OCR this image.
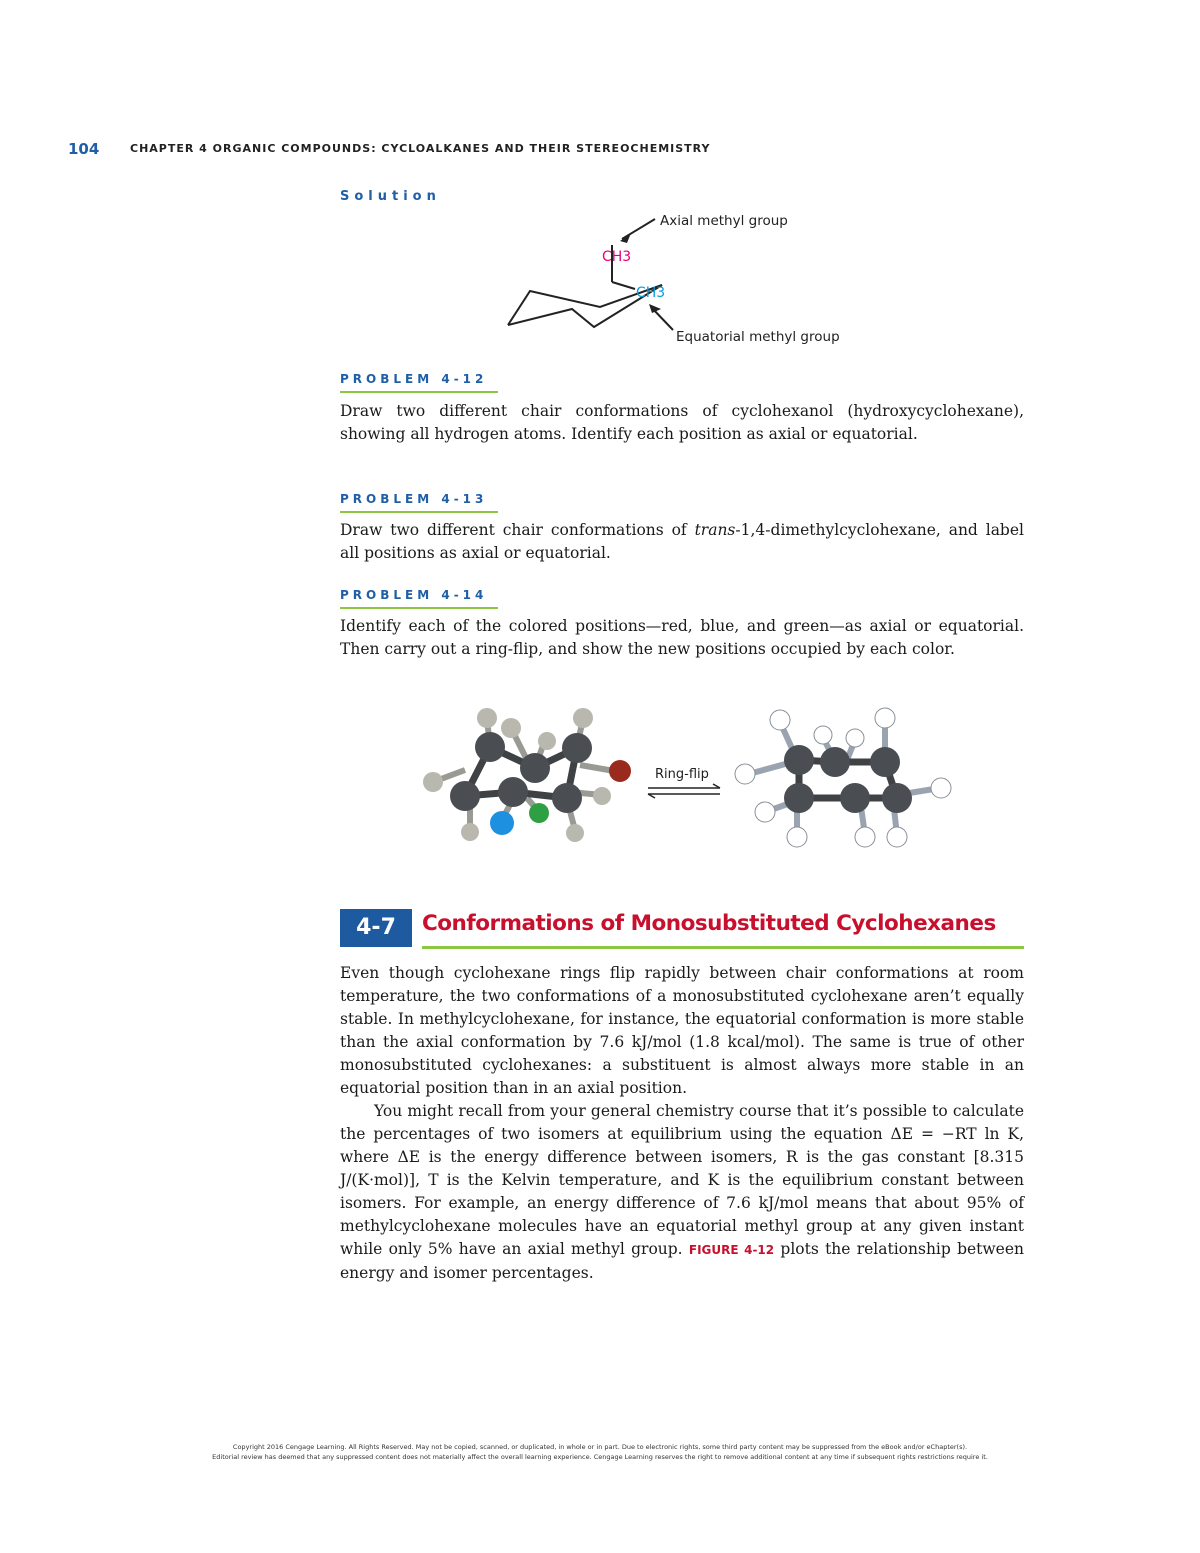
104	CHAPTER 4 ORGANIC COMPOUNDS: CYCLOALKANES AND THEIR STEREOCHEMISTRY
Solution
CH3
CH3
Axial methyl group
Equatorial methyl group
PROBLEM 4-12

Draw two different chair conformations of cyclohexanol (hydroxycyclohexane), showing all hydrogen atoms. Identify each position as axial or equatorial.

PROBLEM 4-13

Draw two different chair conformations of trans-1,4-dimethylcyclohexane, and label all positions as axial or equatorial.

PROBLEM 4-14

Identify each of the colored positions—red, blue, and green—as axial or equatorial. Then carry out a ring-flip, and show the new positions occupied by each color.

Ring-flip
4-7	Conformations of Monosubstituted Cyclohexanes

Even though cyclohexane rings flip rapidly between chair conformations at room temperature, the two conformations of a monosubstituted cyclohexane aren’t equally stable. In methylcyclohexane, for instance, the equatorial conformation is more stable than the axial conformation by 7.6 kJ/mol (1.8 kcal/mol). The same is true of other monosubstituted cyclohexanes: a substituent is almost always more stable in an equatorial position than in an axial position.

You might recall from your general chemistry course that it’s possible to calculate the percentages of two isomers at equilibrium using the equation ΔE = −RT ln K, where ΔE is the energy difference between isomers, R is the gas constant [8.315 J/(K·mol)], T is the Kelvin temperature, and K is the equilibrium constant between isomers. For example, an energy difference of 7.6 kJ/mol means that about 95% of methylcyclohexane molecules have an equatorial methyl group at any given instant while only 5% have an axial methyl group. FIGURE 4-12 plots the relationship between energy and isomer percentages.

Copyright 2016 Cengage Learning. All Rights Reserved. May not be copied, scanned, or duplicated, in whole or in part. Due to electronic rights, some third party content may be suppressed from the eBook and/or eChapter(s).
Editorial review has deemed that any suppressed content does not materially affect the overall learning experience. Cengage Learning reserves the right to remove additional content at any time if subsequent rights restrictions require it.
